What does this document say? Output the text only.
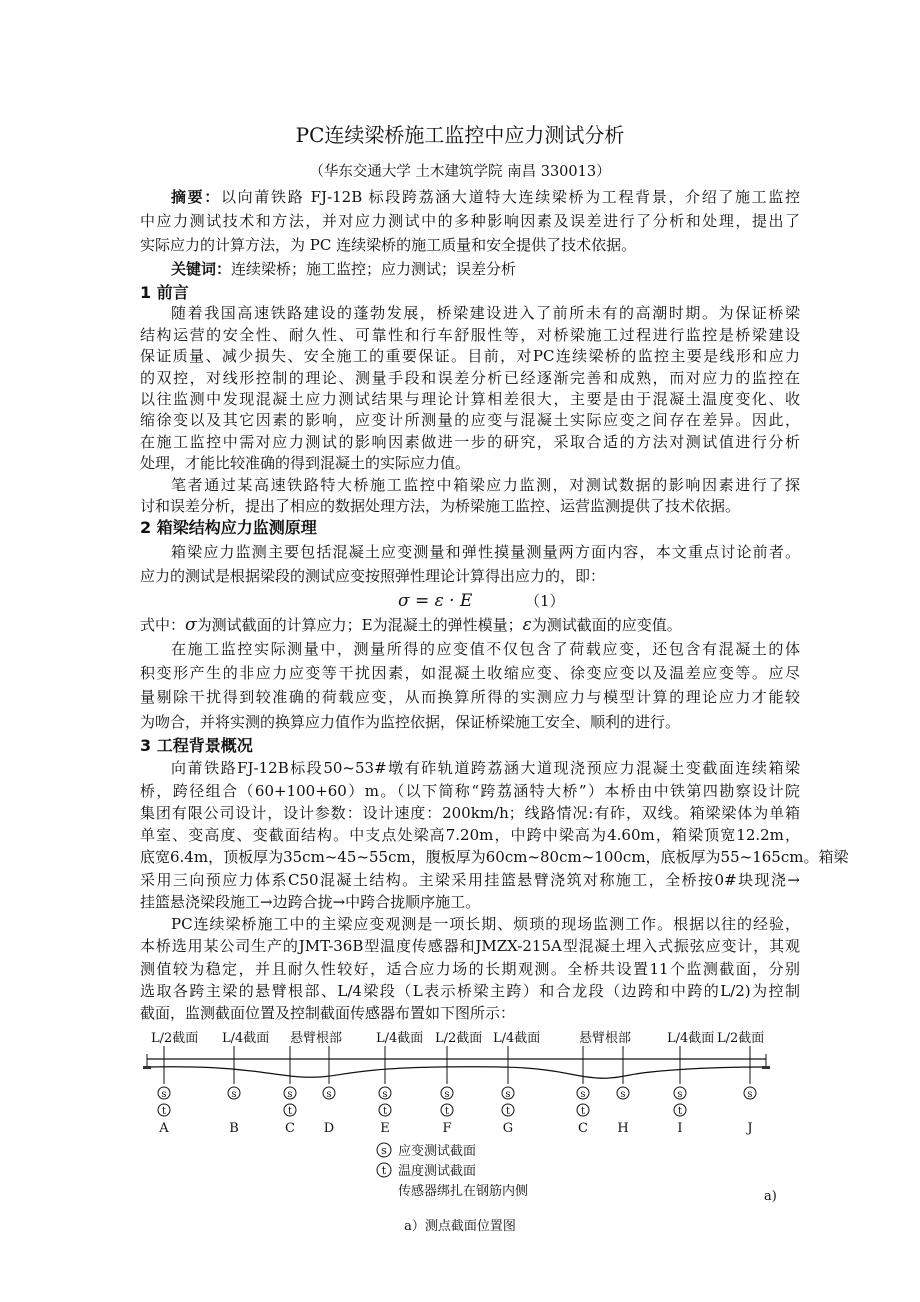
PC连续梁桥施工监控中应力测试分析
（华东交通大学 土木建筑学院 南昌 330013）
摘要：以向莆铁路 FJ-12B 标段跨荔涵大道特大连续梁桥为工程背景，介绍了施工监控
中应力测试技术和方法，并对应力测试中的多种影响因素及误差进行了分析和处理，提出了
实际应力的计算方法，为 PC 连续梁桥的施工质量和安全提供了技术依据。
关键词：连续梁桥；施工监控；应力测试；误差分析
1 前言
随着我国高速铁路建设的蓬勃发展，桥梁建设进入了前所未有的高潮时期。为保证桥梁
结构运营的安全性、耐久性、可靠性和行车舒服性等，对桥梁施工过程进行监控是桥梁建设
保证质量、减少损失、安全施工的重要保证。目前，对PC连续梁桥的监控主要是线形和应力
的双控，对线形控制的理论、测量手段和误差分析已经逐渐完善和成熟，而对应力的监控在
以往监测中发现混凝土应力测试结果与理论计算相差很大，主要是由于混凝土温度变化、收
缩徐变以及其它因素的影响，应变计所测量的应变与混凝土实际应变之间存在差异。因此，
在施工监控中需对应力测试的影响因素做进一步的研究，采取合适的方法对测试值进行分析
处理，才能比较准确的得到混凝土的实际应力值。
笔者通过某高速铁路特大桥施工监控中箱梁应力监测，对测试数据的影响因素进行了探
讨和误差分析，提出了相应的数据处理方法，为桥梁施工监控、运营监测提供了技术依据。
2 箱梁结构应力监测原理
箱梁应力监测主要包括混凝土应变测量和弹性摸量测量两方面内容，本文重点讨论前者。
应力的测试是根据梁段的测试应变按照弹性理论计算得出应力的，即：
σ = ε · E	（1）
式中：σ为测试截面的计算应力；E为混凝土的弹性模量；ε为测试截面的应变值。
在施工监控实际测量中，测量所得的应变值不仅包含了荷载应变，还包含有混凝土的体
积变形产生的非应力应变等干扰因素，如混凝土收缩应变、徐变应变以及温差应变等。应尽
量剔除干扰得到较准确的荷载应变，从而换算所得的实测应力与模型计算的理论应力才能较
为吻合，并将实测的换算应力值作为监控依据，保证桥梁施工安全、顺利的进行。
3 工程背景概况
向莆铁路FJ-12B标段50~53#墩有砟轨道跨荔涵大道现浇预应力混凝土变截面连续箱梁
桥，跨径组合（60+100+60）m。（以下简称“跨荔涵特大桥”）本桥由中铁第四勘察设计院
集团有限公司设计，设计参数：设计速度：200km/h；线路情况:有砟，双线。箱梁梁体为单箱
单室、变高度、变截面结构。中支点处梁高7.20m，中跨中梁高为4.60m，箱梁顶宽12.2m，
底宽6.4m，顶板厚为35cm~45~55cm，腹板厚为60cm~80cm~100cm，底板厚为55~165cm。箱梁
采用三向预应力体系C50混凝土结构。主梁采用挂篮悬臂浇筑对称施工，全桥按0#块现浇→
挂篮悬浇梁段施工→边跨合拢→中跨合拢顺序施工。
PC连续梁桥施工中的主梁应变观测是一项长期、烦琐的现场监测工作。根据以往的经验，
本桥选用某公司生产的JMT-36B型温度传感器和JMZX-215A型混凝土埋入式振弦应变计，其观
测值较为稳定，并且耐久性较好，适合应力场的长期观测。全桥共设置11个监测截面，分别
选取各跨主梁的悬臂根部、L/4梁段（L表示桥梁主跨）和合龙段（边跨和中跨的L/2)为控制
截面，监测截面位置及控制截面传感器布置如下图所示：
L/2截面 L/4截面 悬臂根部	L/4截面 L/2截面 L/4截面	悬臂根部	L/4截面 L/2截面
s
t
A
s
B
s
t
C
s
D
s
t
E
s
t
F
s
t
G
s
t
C
s
H
s
t
I
s
J
s 应变测试截面
t 温度测试截面
传感器绑扎在钢筋内侧	a)
a）测点截面位置图
